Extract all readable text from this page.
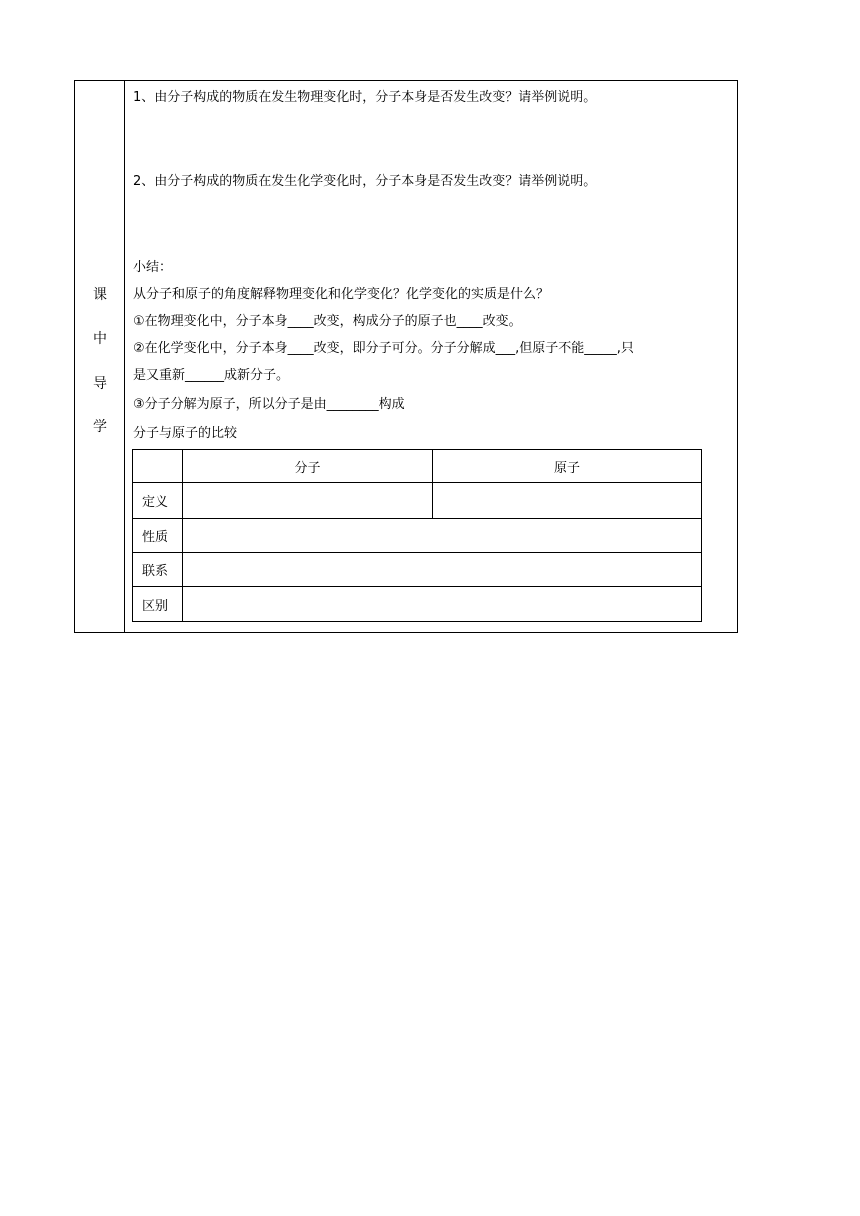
课
中
导
学
1、由分子构成的物质在发生物理变化时，分子本身是否发生改变？请举例说明。
2、由分子构成的物质在发生化学变化时，分子本身是否发生改变？请举例说明。
小结：
从分子和原子的角度解释物理变化和化学变化？化学变化的实质是什么？
①在物理变化中，分子本身____改变，构成分子的原子也____改变。
②在化学变化中，分子本身____改变，即分子可分。分子分解成___,但原子不能_____,只
是又重新______成新分子。
③分子分解为原子，所以分子是由________构成
分子与原子的比较
	分子	原子
定义		
性质		
联系		
区别		
